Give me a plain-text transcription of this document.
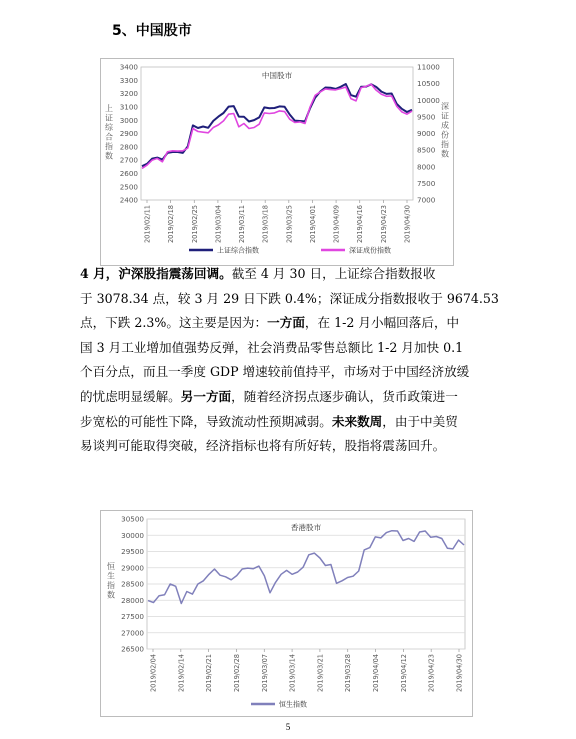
5、中国股市
2400
2500
2600
2700
2800
2900
3000
3100
3200
3300
3400
7000
7500
8000
8500
9000
9500
10000
10500
11000
2019/02/11 2019/02/18 2019/02/25 2019/03/04 2019/03/11 2019/03/18 2019/03/25 2019/04/01 2019/04/09 2019/04/16 2019/04/23 2019/04/30
中国股市
上证综合指数
深证成份指数
上证综合指数	深证成份指数

4 月，沪深股指震荡回调。截至 4 月 30 日，上证综合指数报收
于 3078.34 点，较 3 月 29 日下跌 0.4%；深证成分指数报收于 9674.53
点，下跌 2.3%。这主要是因为：一方面，在 1-2 月小幅回落后，中
国 3 月工业增加值强势反弹，社会消费品零售总额比 1-2 月加快 0.1
个百分点，而且一季度 GDP 增速较前值持平，市场对于中国经济放缓
的忧虑明显缓解。另一方面，随着经济拐点逐步确认，货币政策进一
步宽松的可能性下降，导致流动性预期减弱。未来数周，由于中美贸
易谈判可能取得突破，经济指标也将有所好转，股指将震荡回升。

26500
27000
27500
28000
28500
29000
29500
30000
30500
2019/02/04	2019/02/14	2019/02/21	2019/02/28	2019/03/07	2019/03/14	2019/03/21	2019/03/28	2019/04/04	2019/04/12	2019/04/23	2019/04/30
香港股市
恒生指数
恒生指数
5
